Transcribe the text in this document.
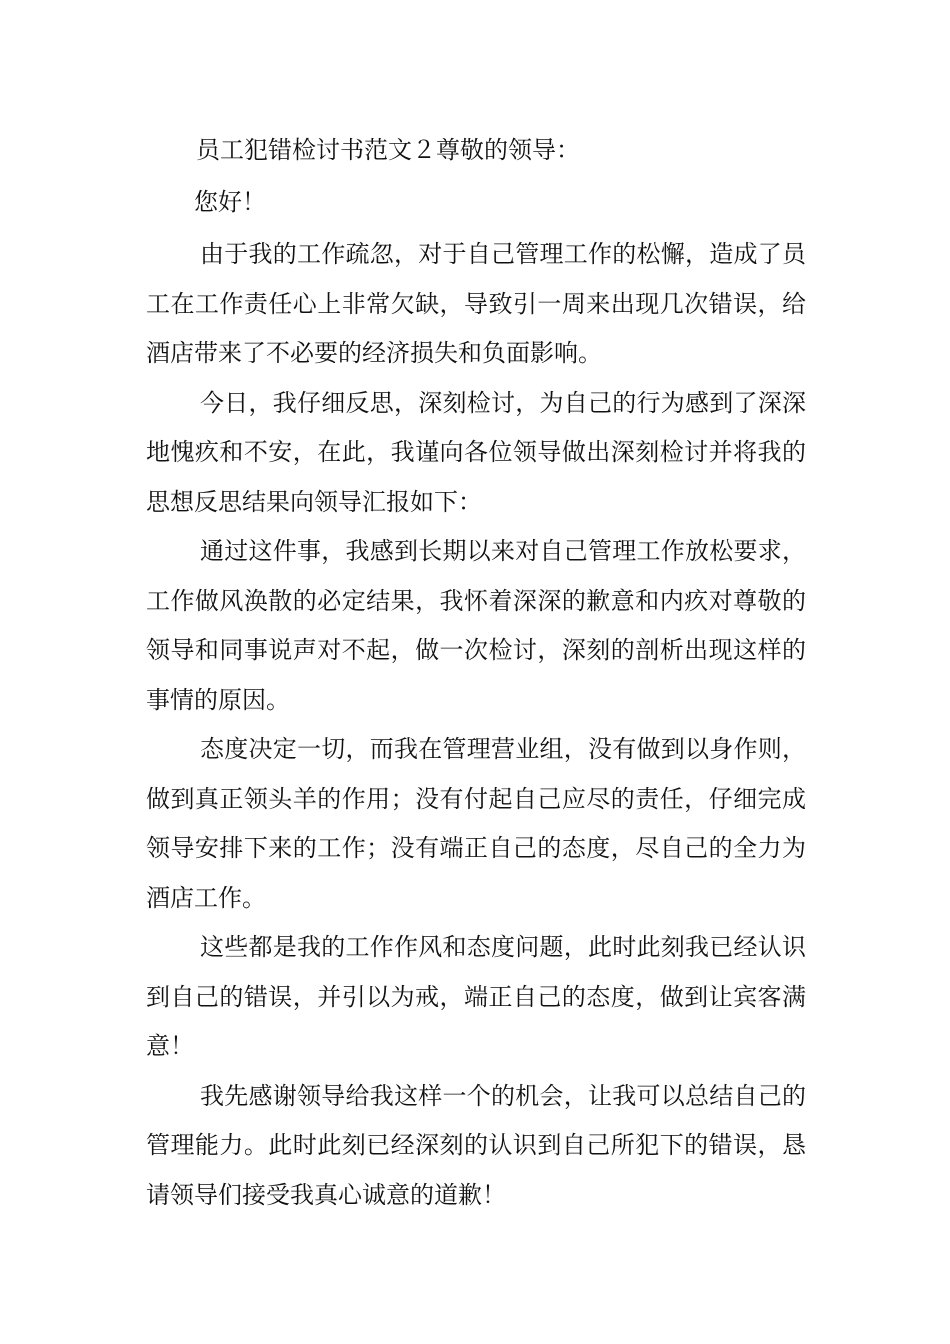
员工犯错检讨书范文２尊敬的领导：

您好！

由于我的工作疏忽，对于自己管理工作的松懈，造成了员工在工作责任心上非常欠缺，导致引一周来出现几次错误，给酒店带来了不必要的经济损失和负面影响。

今日，我仔细反思，深刻检讨，为自己的行为感到了深深地愧疚和不安，在此，我谨向各位领导做出深刻检讨并将我的思想反思结果向领导汇报如下：

通过这件事，我感到长期以来对自己管理工作放松要求，工作做风涣散的必定结果，我怀着深深的歉意和内疚对尊敬的领导和同事说声对不起，做一次检讨，深刻的剖析出现这样的事情的原因。

态度决定一切，而我在管理营业组，没有做到以身作则，做到真正领头羊的作用；没有付起自己应尽的责任，仔细完成领导安排下来的工作；没有端正自己的态度，尽自己的全力为酒店工作。

这些都是我的工作作风和态度问题，此时此刻我已经认识到自己的错误，并引以为戒，端正自己的态度，做到让宾客满意！

我先感谢领导给我这样一个的机会，让我可以总结自己的管理能力。此时此刻已经深刻的认识到自己所犯下的错误，恳请领导们接受我真心诚意的道歉！
